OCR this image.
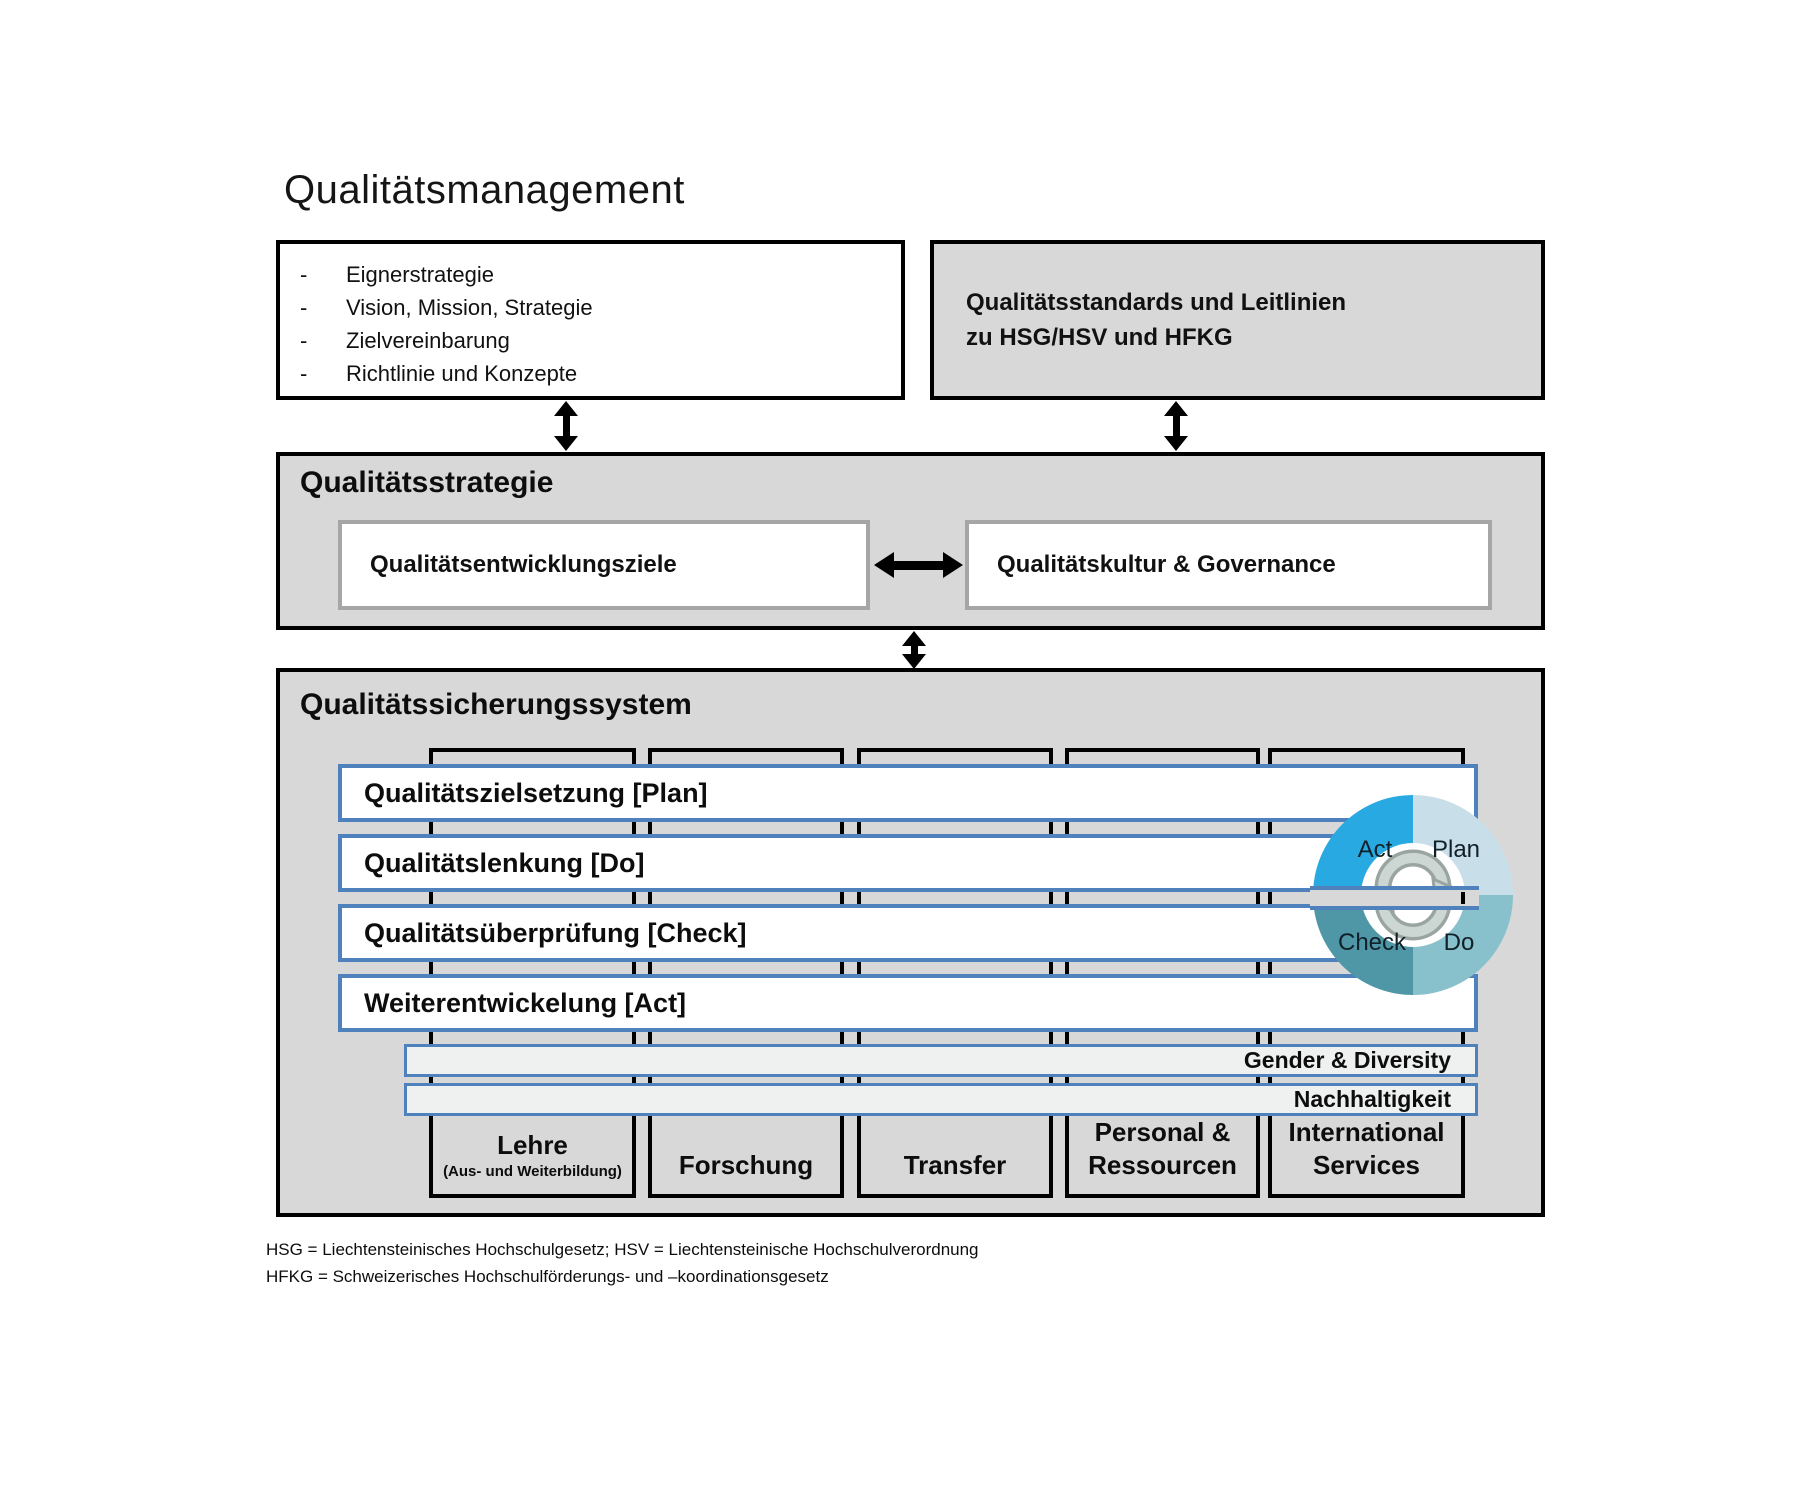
Qualitätsmanagement
-	Eignerstrategie
-	Vision, Mission, Strategie
-	Zielvereinbarung
-	Richtlinie und Konzepte
Qualitätsstandards und Leitlinien
zu HSG/HSV und HFKG
Qualitätsstrategie
Qualitätsentwicklungsziele	Qualitätskultur & Governance
Qualitätssicherungssystem
Lehre
(Aus- und Weiterbildung) Forschung	Transfer
Personal &
Ressourcen
International
Services
Qualitätszielsetzung [Plan]
Qualitätslenkung [Do]
Qualitätsüberprüfung [Check]
Weiterentwickelung [Act]
Gender & Diversity
Nachhaltigkeit
Act Plan
Check Do
HSG = Liechtensteinisches Hochschulgesetz; HSV = Liechtensteinische Hochschulverordnung
HFKG = Schweizerisches Hochschulförderungs- und –koordinationsgesetz
